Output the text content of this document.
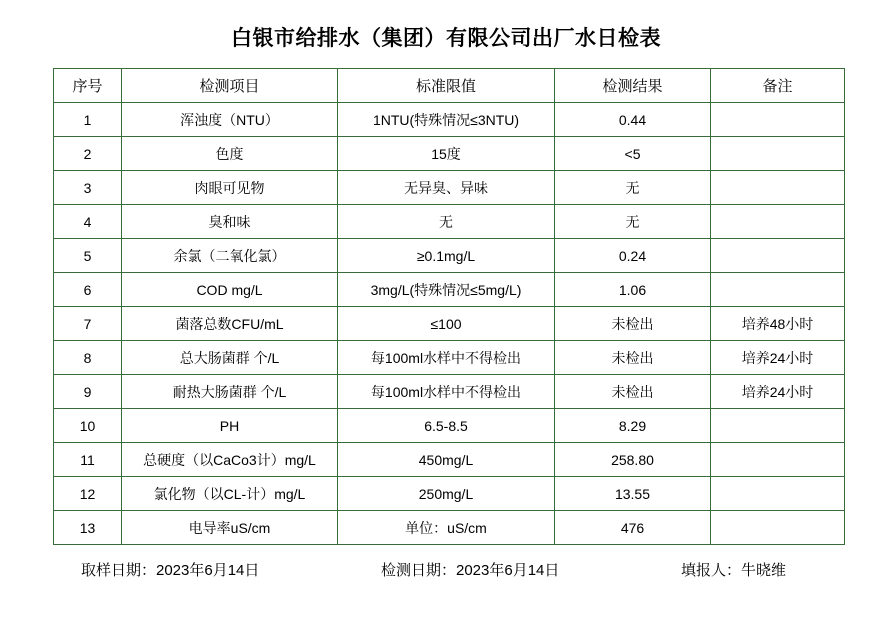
白银市给排水（集团）有限公司出厂水日检表
序号	检测项目	标准限值	检测结果	备注
1	浑浊度（NTU）	1NTU(特殊情况≤3NTU)	0.44	
2	色度	15度	<5	
3	肉眼可见物	无异臭、异味	无	
4	臭和味	无	无	
5	余氯（二氧化氯）	≥0.1mg/L	0.24	
6	COD mg/L	3mg/L(特殊情况≤5mg/L)	1.06	
7	菌落总数CFU/mL	≤100	未检出	培养48小时
8	总大肠菌群 个/L	每100ml水样中不得检出	未检出	培养24小时
9	耐热大肠菌群 个/L	每100ml水样中不得检出	未检出	培养24小时
10	PH	6.5-8.5	8.29	
11	总硬度（以CaCo3计）mg/L	450mg/L	258.80	
12	氯化物（以CL-计）mg/L	250mg/L	13.55	
13	电导率uS/cm	单位：uS/cm	476	
取样日期：2023年6月14日	检测日期：2023年6月14日	填报人：牛晓维
